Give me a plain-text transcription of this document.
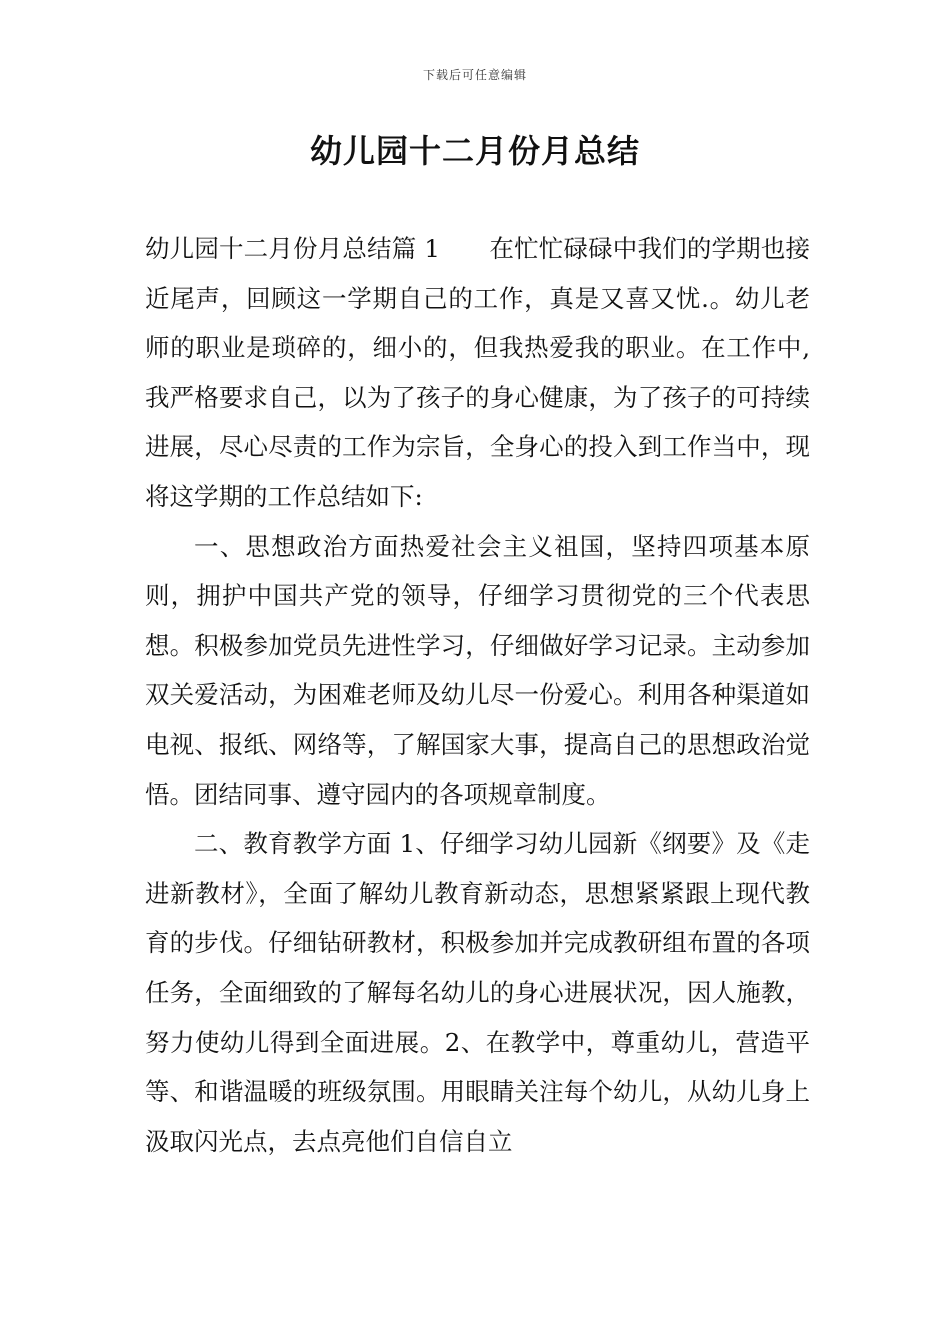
下载后可任意编辑
幼儿园十二月份月总结

幼儿园十二月份月总结篇 1　　在忙忙碌碌中我们的学期也接近尾声，回顾这一学期自己的工作，真是又喜又忧.。幼儿老师的职业是琐碎的，细小的，但我热爱我的职业。在工作中,我严格要求自己，以为了孩子的身心健康，为了孩子的可持续进展，尽心尽责的工作为宗旨，全身心的投入到工作当中，现将这学期的工作总结如下:

一、思想政治方面热爱社会主义祖国，坚持四项基本原则，拥护中国共产党的领导，仔细学习贯彻党的三个代表思想。积极参加党员先进性学习，仔细做好学习记录。主动参加双关爱活动，为困难老师及幼儿尽一份爱心。利用各种渠道如电视、报纸、网络等，了解国家大事，提高自己的思想政治觉悟。团结同事、遵守园内的各项规章制度。

二、教育教学方面 1、仔细学习幼儿园新《纲要》及《走进新教材》，全面了解幼儿教育新动态，思想紧紧跟上现代教育的步伐。仔细钻研教材，积极参加并完成教研组布置的各项任务，全面细致的了解每名幼儿的身心进展状况，因人施教，努力使幼儿得到全面进展。2、在教学中，尊重幼儿，营造平等、和谐温暖的班级氛围。用眼睛关注每个幼儿，从幼儿身上汲取闪光点，去点亮他们自信自立
